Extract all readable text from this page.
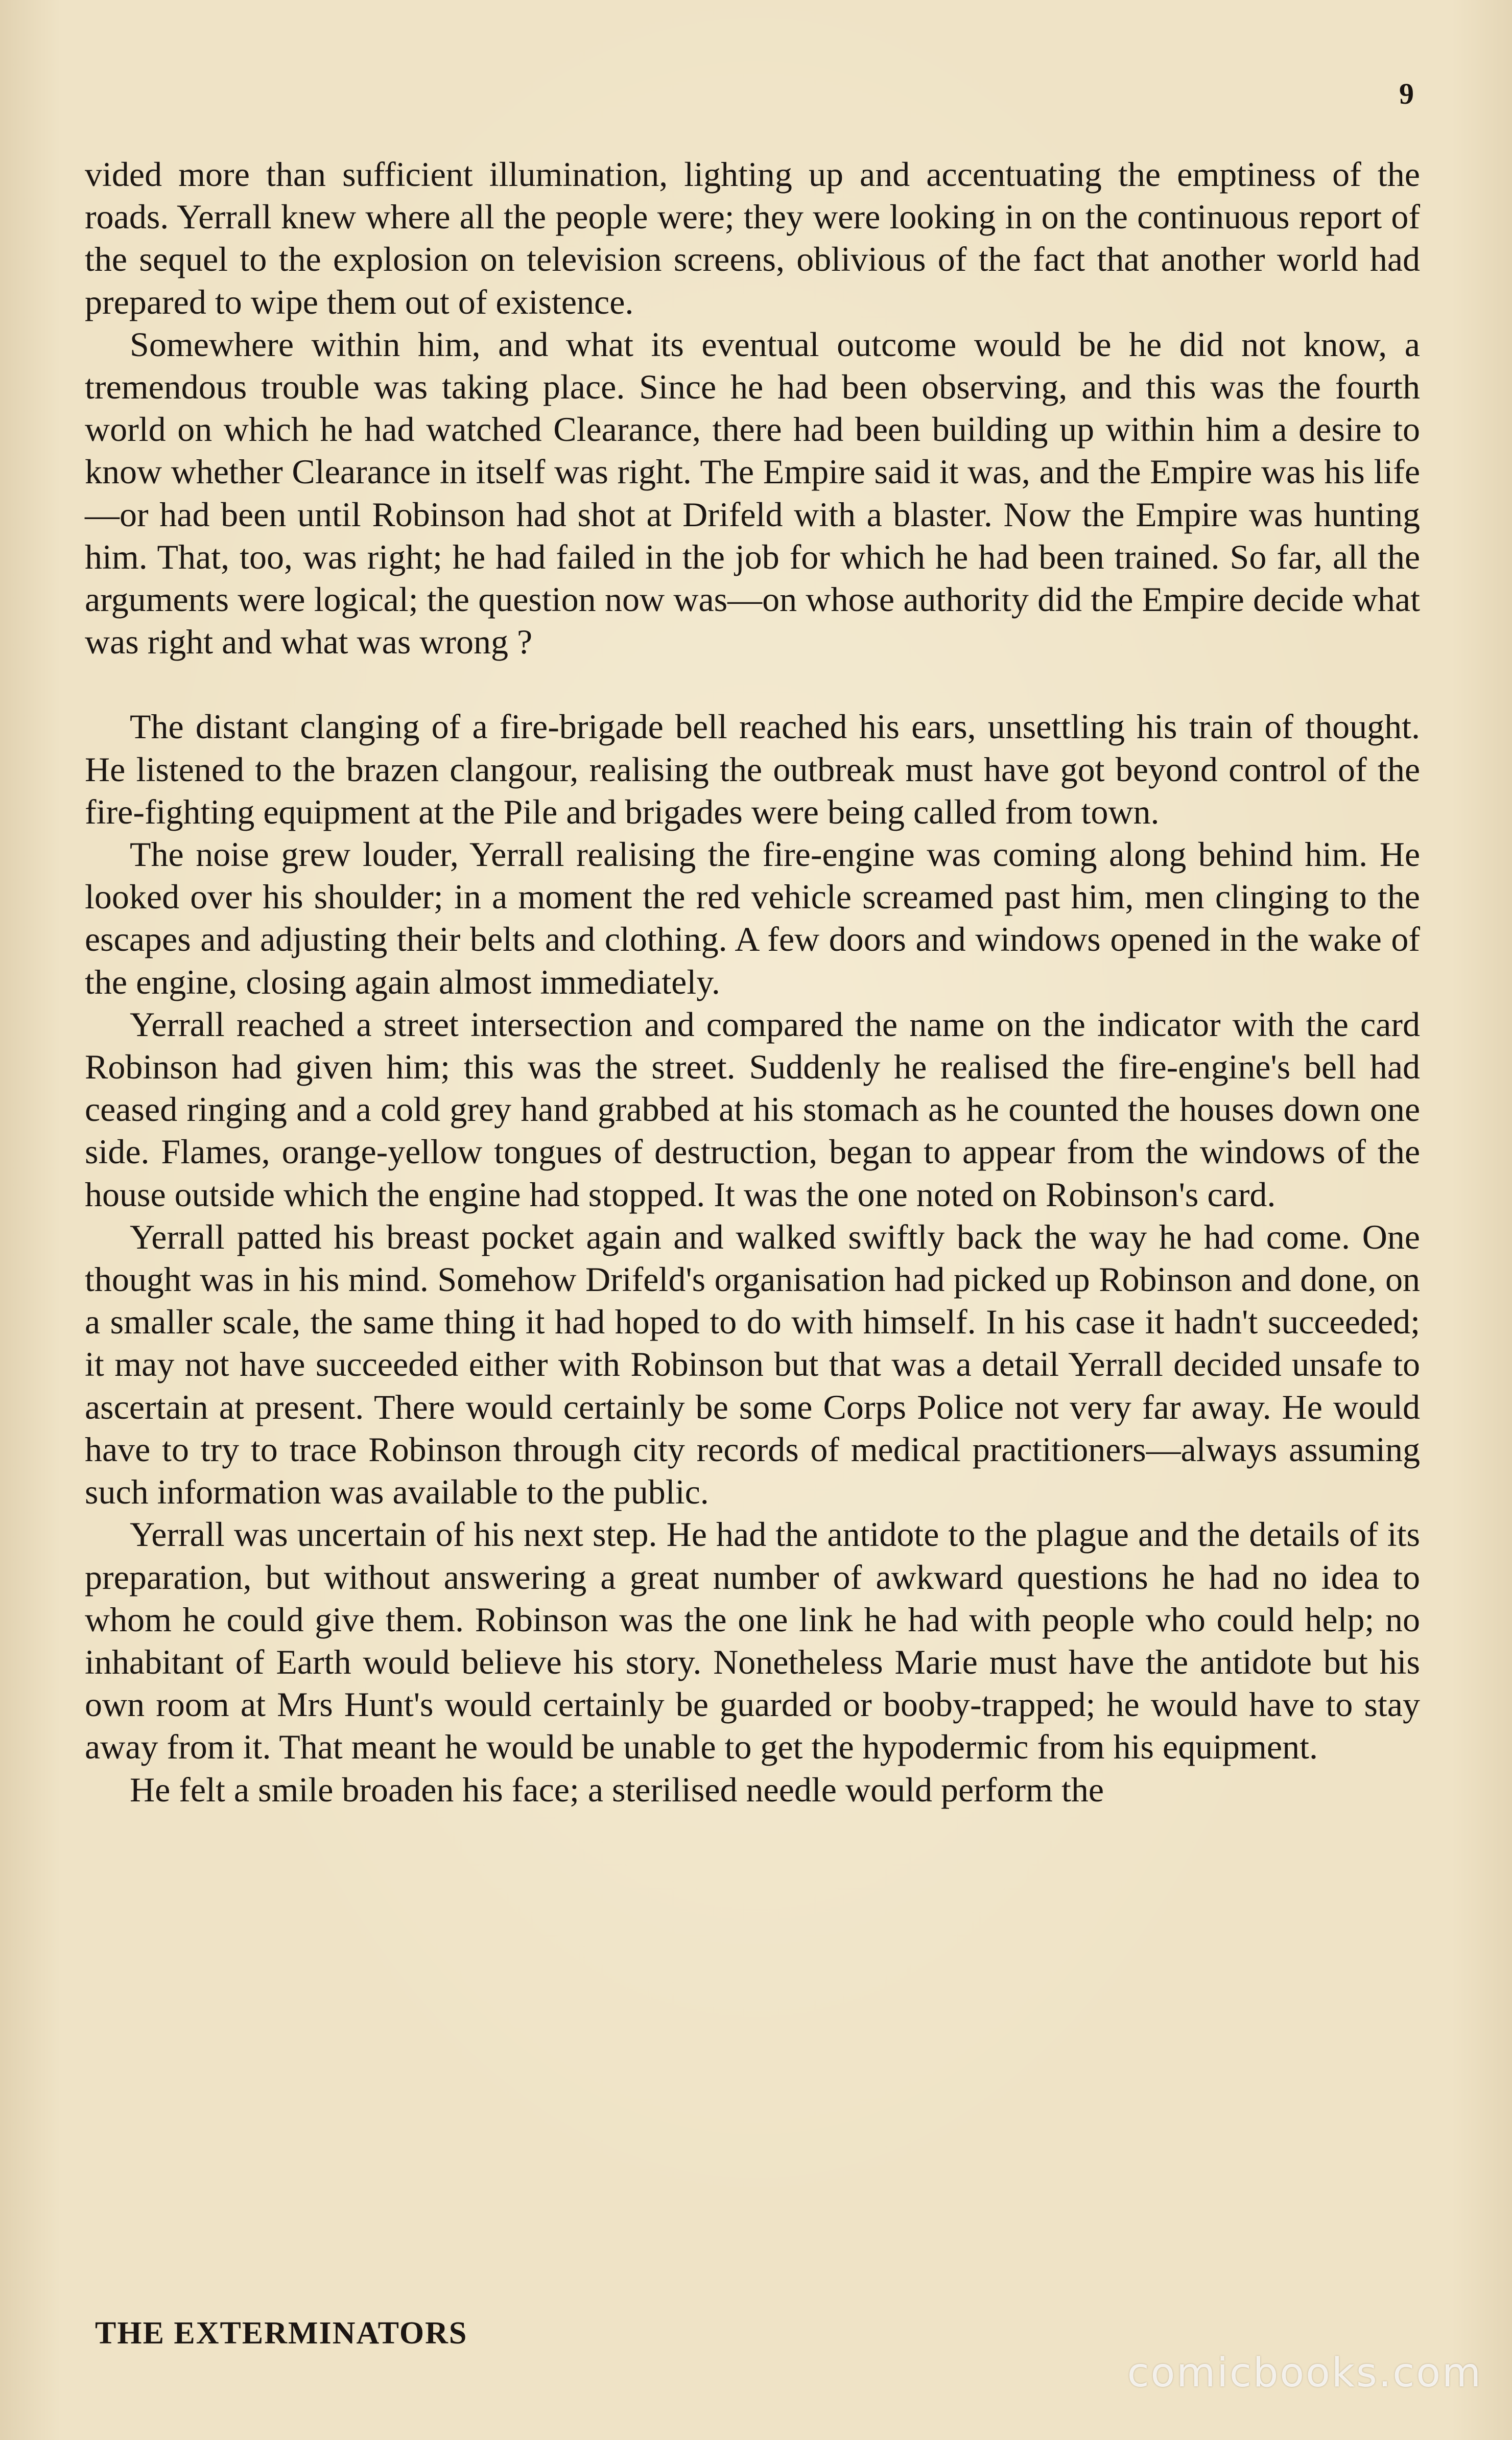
9

vided more than sufficient illumination, lighting up and accentuating the emptiness of the roads. Yerrall knew where all the people were; they were looking in on the continuous report of the sequel to the explosion on television screens, oblivious of the fact that another world had prepared to wipe them out of existence.

Somewhere within him, and what its eventual outcome would be he did not know, a tremendous trouble was taking place. Since he had been observing, and this was the fourth world on which he had watched Clearance, there had been building up within him a desire to know whether Clearance in itself was right. The Empire said it was, and the Empire was his life—or had been until Robinson had shot at Drifeld with a blaster. Now the Empire was hunting him. That, too, was right; he had failed in the job for which he had been trained. So far, all the arguments were logical; the question now was—on whose authority did the Empire decide what was right and what was wrong ?

The distant clanging of a fire-brigade bell reached his ears, unsettling his train of thought. He listened to the brazen clangour, realising the outbreak must have got beyond control of the fire-fighting equipment at the Pile and brigades were being called from town.

The noise grew louder, Yerrall realising the fire-engine was coming along behind him. He looked over his shoulder; in a moment the red vehicle screamed past him, men clinging to the escapes and adjusting their belts and clothing. A few doors and windows opened in the wake of the engine, closing again almost immediately.

Yerrall reached a street intersection and compared the name on the indicator with the card Robinson had given him; this was the street. Suddenly he realised the fire-engine's bell had ceased ringing and a cold grey hand grabbed at his stomach as he counted the houses down one side. Flames, orange-yellow tongues of destruction, began to appear from the windows of the house outside which the engine had stopped. It was the one noted on Robinson's card.

Yerrall patted his breast pocket again and walked swiftly back the way he had come. One thought was in his mind. Somehow Drifeld's organisation had picked up Robinson and done, on a smaller scale, the same thing it had hoped to do with himself. In his case it hadn't succeeded; it may not have succeeded either with Robinson but that was a detail Yerrall decided unsafe to ascertain at present. There would certainly be some Corps Police not very far away. He would have to try to trace Robinson through city records of medical practitioners—always assuming such information was available to the public.

Yerrall was uncertain of his next step. He had the antidote to the plague and the details of its preparation, but without answering a great number of awkward questions he had no idea to whom he could give them. Robinson was the one link he had with people who could help; no inhabitant of Earth would believe his story. Nonetheless Marie must have the antidote but his own room at Mrs Hunt's would certainly be guarded or booby-trapped; he would have to stay away from it. That meant he would be unable to get the hypodermic from his equipment.

He felt a smile broaden his face; a sterilised needle would perform the

THE EXTERMINATORS
comicbooks.com
